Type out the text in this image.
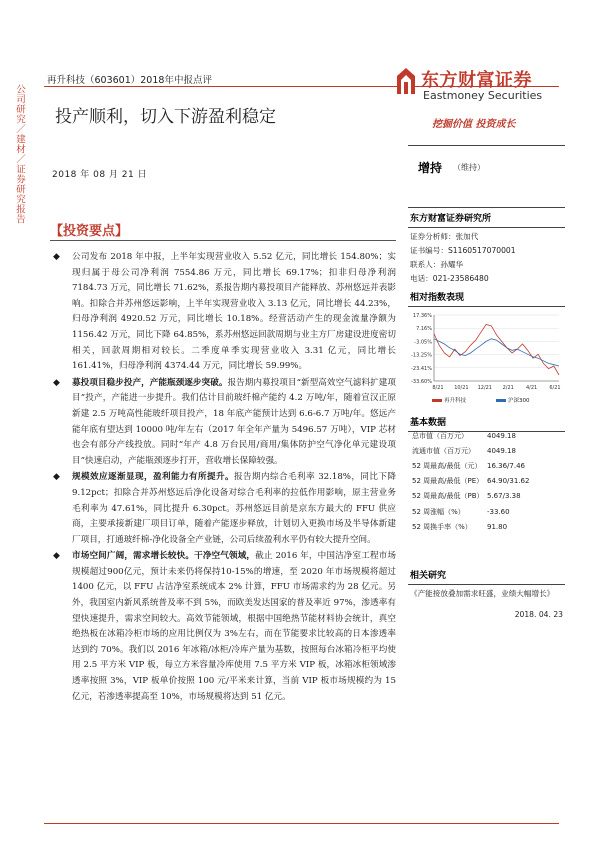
公司研究／建材／证券研究报告
再升科技（603601）2018年中报点评	东方财富证券
Eastmoney Securities
挖掘价值 投资成长
投产顺利，切入下游盈利稳定
2018 年 08 月 21 日	增持 （维持）
【投资要点】
◆ 公司发布 2018 年中报，上半年实现营业收入 5.52 亿元，同比增长 154.80%；实现归属于母公司净利润 7554.86 万元，同比增长 69.17%；扣非归母净利润 7184.73 万元，同比增长 71.62%，系报告期内募投项目产能释放、苏州悠远并表影响。扣除合并苏州悠远影响，上半年实现营业收入 3.13 亿元，同比增长 44.23%，归母净利润 4920.52 万元，同比增长 10.18%。经营活动产生的现金流量净额为 1156.42 万元，同比下降 64.85%，系苏州悠远回款周期与业主方厂房建设进度密切相关，回款周期相对较长。二季度单季实现营业收入 3.31 亿元，同比增长 161.41%，归母净利润 4374.44 万元，同比增长 59.99%。
◆ 募投项目稳步投产，产能瓶颈逐步突破。报告期内募投项目“新型高效空气滤料扩建项目”投产，产能进一步提升。我们估计目前玻纤棉产能约 4.2 万吨/年，随着宣汉正原新建 2.5 万吨高性能玻纤项目投产，18 年底产能预计达到 6.6-6.7 万吨/年。悠远产能年底有望达到 10000 吨/年左右（2017 年全年产量为 5496.57 万吨），VIP 芯材也会有部分产线投放。同时“年产 4.8 万台民用/商用/集体防护空气净化单元建设项目”快速启动，产能瓶颈逐步打开，营收增长保障较强。
◆ 规模效应逐渐显现，盈利能力有所提升。报告期内综合毛利率 32.18%，同比下降 9.12pct；扣除合并苏州悠远后净化设备对综合毛利率的拉低作用影响，原主营业务毛利率为 47.61%，同比提升 6.30pct。苏州悠远目前是京东方最大的 FFU 供应商，主要承接新建厂项目订单，随着产能逐步释放，计划切入更换市场及半导体新建厂项目，打通玻纤棉-净化设备全产业链，公司后续盈利水平仍有较大提升空间。
◆ 市场空间广阔，需求增长较快。干净空气领域，截止 2016 年，中国洁净室工程市场规模超过900亿元，预计未来仍将保持10-15%的增速，至 2020 年市场规模将超过 1400 亿元，以 FFU 占洁净室系统成本 2% 计算，FFU 市场需求约为 28 亿元。另外，我国室内新风系统普及率不到 5%，而欧美发达国家的普及率近 97%，渗透率有望快速提升，需求空间较大。高效节能领域，根据中国绝热节能材料协会统计，真空绝热板在冰箱冷柜市场的应用比例仅为 3%左右，而在节能要求比较高的日本渗透率达到约 70%。我们以 2016 年冰箱/冰柜/冷库产量为基数，按照每台冰箱冷柜平均使用 2.5 平方米 VIP 板，每立方米容量冷库使用 7.5 平方米 VIP 板，冰箱冰柜领域渗透率按照 3%，VIP 板单价按照 100 元/平米来计算，当前 VIP 板市场规模约为 15 亿元，若渗透率提高至 10%，市场规模将达到 51 亿元。
东方财富证券研究所
证券分析师：张加代
证书编号：S1160517070001
联系人：孙耀华
电话：021-23586480
相对指数表现
17.36%
7.16%
-3.05%
-13.25%
-23.41%
-33.60%
8/21 10/21 12/21 2/21 4/21 6/21
再升科技	沪深300
基本数据
总市值（百万元）	4049.18
流通市值（百万元）	4049.18
52 周最高/最低（元） 16.36/7.46
52 周最高/最低（PE） 64.90/31.62
52 周最高/最低（PB） 5.67/3.38
52 周涨幅（%）	-33.60
52 周换手率（%）	91.80
相关研究
《产能接放叠加需求旺盛，业绩大幅增长》
2018. 04. 23
